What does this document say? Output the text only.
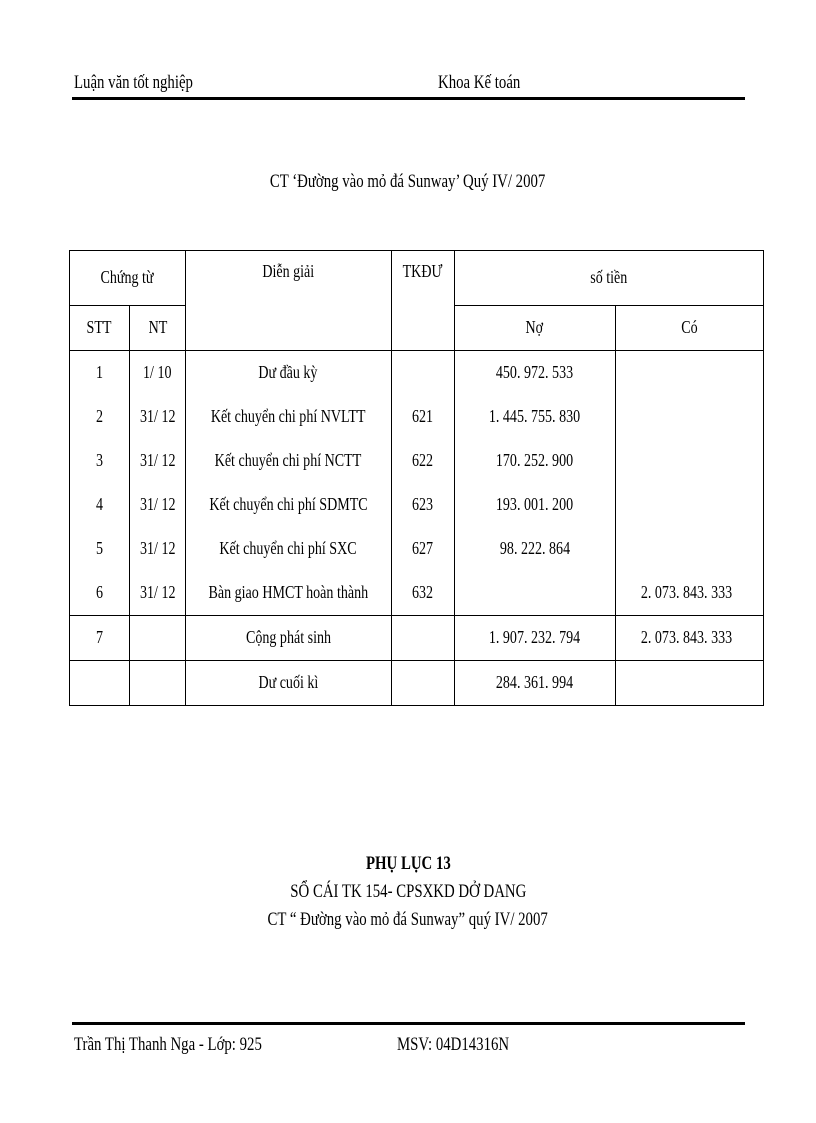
Luận văn tốt nghiệp	Khoa Kế toán
CT ‘Đường vào mỏ đá Sunway’ Quý IV/ 2007
Chứng từ		Diễn giải	TKĐƯ	số tiền	
STT	NT			Nợ	Có
1	1/ 10	Dư đầu kỳ		450. 972. 533	
2	31/ 12	Kết chuyển chi phí NVLTT	621	1. 445. 755. 830	
3	31/ 12	Kết chuyển chi phí NCTT	622	170. 252. 900	
4	31/ 12	Kết chuyển chi phí SDMTC	623	193. 001. 200	
5	31/ 12	Kết chuyển chi phí SXC	627	98. 222. 864	
6	31/ 12	Bàn giao HMCT hoàn thành	632		2. 073. 843. 333
7		Cộng phát sinh		1. 907. 232. 794	2. 073. 843. 333
		Dư cuối kì		284. 361. 994	
PHỤ LỤC 13
SỔ CÁI TK 154- CPSXKD DỞ DANG
CT “ Đường vào mỏ đá Sunway” quý IV/ 2007
Trần Thị Thanh Nga - Lớp: 925	MSV: 04D14316N
